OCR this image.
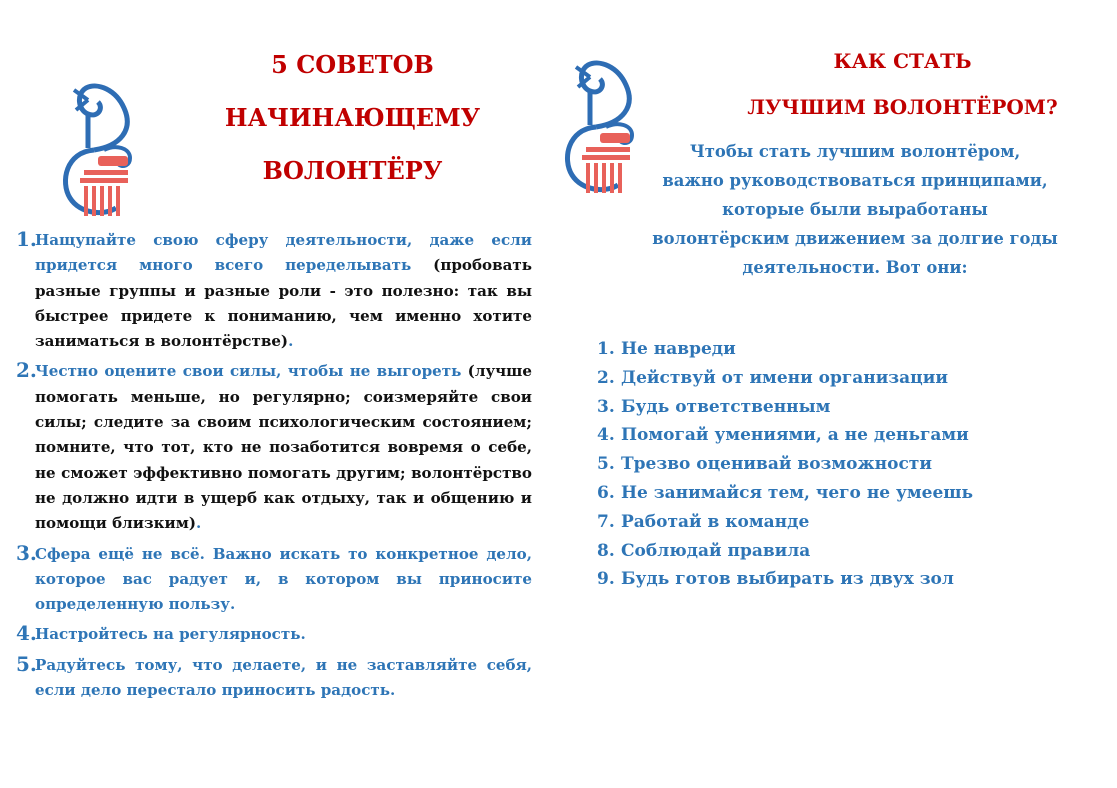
5 СОВЕТОВ
НАЧИНАЮЩЕМУ
ВОЛОНТЁРУ
1.
Нащупайте свою сферу деятельности, даже если придется много всего переделывать (пробовать разные группы и разные роли - это полезно: так вы быстрее придете к пониманию, чем именно хотите заниматься в волонтёрстве).
2.
Честно оцените свои силы, чтобы не выгореть (лучше помогать меньше, но регулярно; соизмеряйте свои силы; следите за своим психологическим состоянием; помните, что тот, кто не позаботится вовремя о себе, не сможет эффективно помогать другим; волонтёрство не должно идти в ущерб как отдыху, так и общению и помощи близким).
3.
Сфера ещё не всё. Важно искать то конкретное дело, которое вас радует и, в котором вы приносите определенную пользу.
4.
Настройтесь на регулярность.
5.
Радуйтесь тому, что делаете, и не заставляйте себя, если дело перестало приносить радость.
КАК СТАТЬ
ЛУЧШИМ ВОЛОНТЁРОМ?
Чтобы стать лучшим волонтёром,
важно руководствоваться принципами,
которые были выработаны
волонтёрским движением за долгие годы
деятельности. Вот они:
1. Не навреди
2. Действуй от имени организации
3. Будь ответственным
4. Помогай умениями, а не деньгами
5. Трезво оценивай возможности
6. Не занимайся тем, чего не умеешь
7. Работай в команде
8. Соблюдай правила
9. Будь готов выбирать из двух зол
